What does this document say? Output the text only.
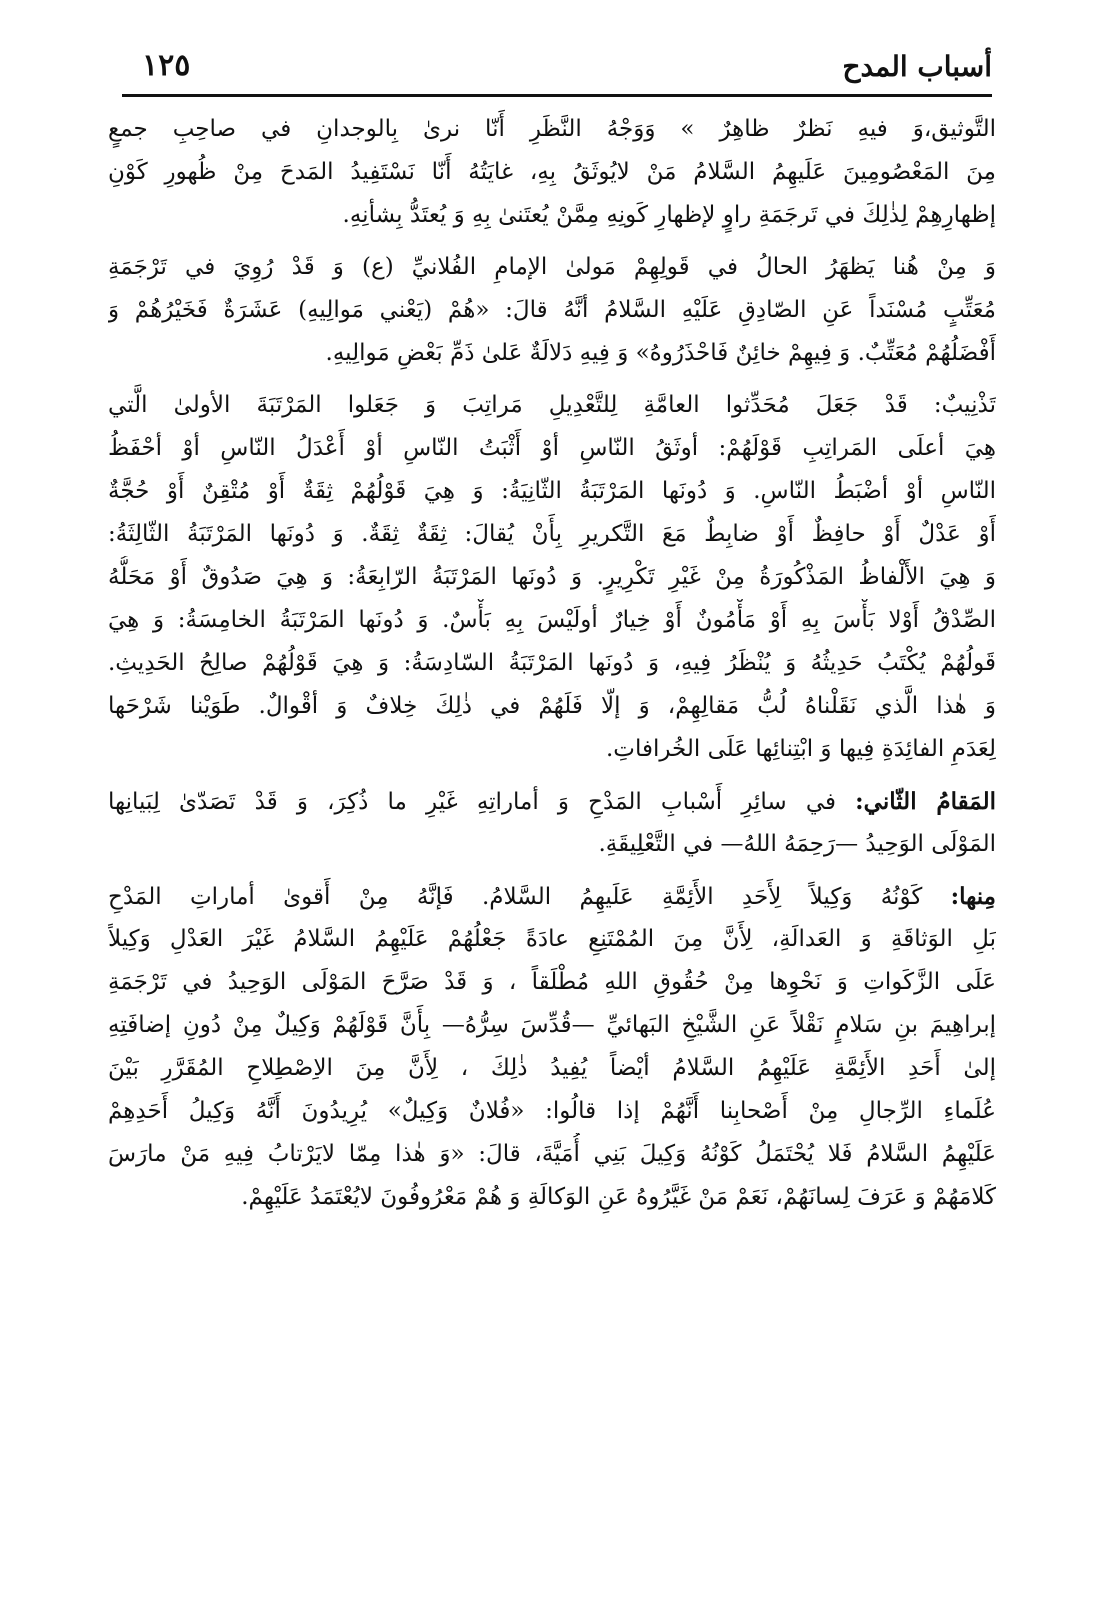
أسباب المدح
١٢٥
التَّوثيق،وَ فيهِ نَظرٌ ظاهِرٌ » وَوَجْهُ النَّظَرِ أَنّا نرىٰ بِالوجدانِ في صاحِبِ جمعٍ
مِنَ المَعْصُومِينَ عَلَيهِمُ السَّلامُ مَنْ لايُوثَقُ بِهِ، غايَتُهُ أَنّا نَسْتَفِيدُ المَدحَ مِنْ ظُهورِ كَوْنِ
إظهارِهِمْ لِذٰلِكَ في تَرجَمَةِ راوٍ لإظهارِ كَونِهِ مِمَّنْ يُعتَنىٰ بِهِ وَ يُعتَدُّ بِشأنِهِ.
وَ مِنْ هُنا يَظهَرُ الحالُ في قَولِهِمْ مَولىٰ الإمامِ الفُلانيِّ (ع) وَ قَدْ رُوِيَ في تَرْجَمَةِ
مُعَتِّبٍ مُسْنَداً عَنِ الصّادِقِ عَلَيْهِ السَّلامُ أنَّهُ قالَ: «هُمْ (يَعْني مَوالِيهِ) عَشَرَةٌ فَخَيْرُهُمْ وَ
أَفْضَلُهُمْ مُعَتِّبٌ. وَ فِيهِمْ خائِنٌ فَاحْذَرُوهُ» وَ فِيهِ دَلالَةٌ عَلىٰ ذَمِّ بَعْضِ مَوالِيهِ.
تَذْنِيبٌ: قَدْ جَعَلَ مُحَدِّثوا العامَّةِ لِلتَّعْدِيلِ مَراتِبَ وَ جَعَلوا المَرْتَبَةَ الأولىٰ الَّتي
هِيَ أعلَى المَراتِبِ قَوْلَهُمْ: أوثَقُ النّاسِ أوْ أَثْبَتُ النّاسِ أوْ أَعْدَلُ النّاسِ أوْ أحْفَظُ
النّاسِ أوْ أضْبَطُ النّاسِ. وَ دُونَها المَرْتَبَةُ الثّانِيَةُ: وَ هِيَ قَوْلُهُمْ ثِقَةٌ أَوْ مُتْقِنٌ أَوْ حُجَّةٌ
أَوْ عَدْلٌ أَوْ حافِظٌ أَوْ ضابِطٌ مَعَ التَّكريرِ بِأَنْ يُقالَ: ثِقَةٌ ثِقَةٌ. وَ دُونَها المَرْتَبَةُ الثّالِثَةُ:
وَ هِيَ الأَلْفاظُ المَذْكُورَةُ مِنْ غَيْرِ تَكْرِيرٍ. وَ دُونَها المَرْتَبَةُ الرّابِعَةُ: وَ هِيَ صَدُوقٌ أَوْ مَحَلُّهُ
الصِّدْقُ أَوْلا بَأْسَ بِهِ أَوْ مَأْمُونٌ أَوْ خِيارٌ أولَيْسَ بِهِ بَأْسٌ. وَ دُونَها المَرْتَبَةُ الخامِسَةُ: وَ هِيَ
قَولُهُمْ يُكْتَبُ حَدِيثُهُ وَ يُنْظَرُ فِيهِ، وَ دُونَها المَرْتَبَةُ السّادِسَةُ: وَ هِيَ قَوْلُهُمْ صالِحُ الحَدِيثِ.
وَ هٰذا الَّذي نَقَلْناهُ لُبُّ مَقالِهِمْ، وَ إلّا فَلَهُمْ في ذٰلِكَ خِلافٌ وَ أقْوالٌ. طَوَيْنا شَرْحَها
لِعَدَمِ الفائِدَةِ فِيها وَ ابْتِنائِها عَلَى الخُرافاتِ.
المَقامُ الثّاني: في سائِرِ أَسْبابِ المَدْحِ وَ أماراتِهِ غَيْرِ ما ذُكِرَ، وَ قَدْ تَصَدّىٰ لِبَيانِها
المَوْلَى الوَحِيدُ —رَحِمَهُ اللهُ— في التَّعْلِيقَةِ.
مِنها: كَوْنُهُ وَكِيلاً لِأَحَدِ الأَئِمَّةِ عَلَيهِمُ السَّلامُ. فَإنَّهُ مِنْ أَقوىٰ أماراتِ المَدْحِ
بَلِ الوَثاقَةِ وَ العَدالَةِ، لِأَنَّ مِنَ المُمْتَنِعِ عادَةً جَعْلُهُمْ عَلَيْهِمُ السَّلامُ غَيْرَ العَدْلِ وَكِيلاً
عَلَى الزَّكَواتِ وَ نَحْوِها مِنْ حُقُوقِ اللهِ مُطْلَقاً ، وَ قَدْ صَرَّحَ المَوْلَى الوَحِيدُ في تَرْجَمَةِ
إبراهِيمَ بنِ سَلامٍ نَقْلاً عَنِ الشَّيْخِ البَهائيِّ —قُدِّسَ سِرُّهُ— بِأَنَّ قَوْلَهُمْ وَكِيلٌ مِنْ دُونِ إضافَتِهِ
إلىٰ أَحَدِ الأَئِمَّةِ عَلَيْهِمُ السَّلامُ أيْضاً يُفِيدُ ذٰلِكَ ، لِأَنَّ مِنَ الاِصْطِلاحِ المُقَرَّرِ بَيْنَ
عُلَماءِ الرِّجالِ مِنْ أَصْحابِنا أَنَّهُمْ إذا قالُوا: «فُلانٌ وَكِيلٌ» يُرِيدُونَ أَنَّهُ وَكِيلُ أَحَدِهِمْ
عَلَيْهِمُ السَّلامُ فَلا يُحْتَمَلُ كَوْنُهُ وَكِيلَ بَنِي أُمَيَّةَ، قالَ: «وَ هٰذا مِمّا لايَرْتابُ فِيهِ مَنْ مارَسَ
كَلامَهُمْ وَ عَرَفَ لِسانَهُمْ، نَعَمْ مَنْ غَيَّرُوهُ عَنِ الوَكالَةِ وَ هُمْ مَعْرُوفُونَ لايُعْتَمَدُ عَلَيْهِمْ.
